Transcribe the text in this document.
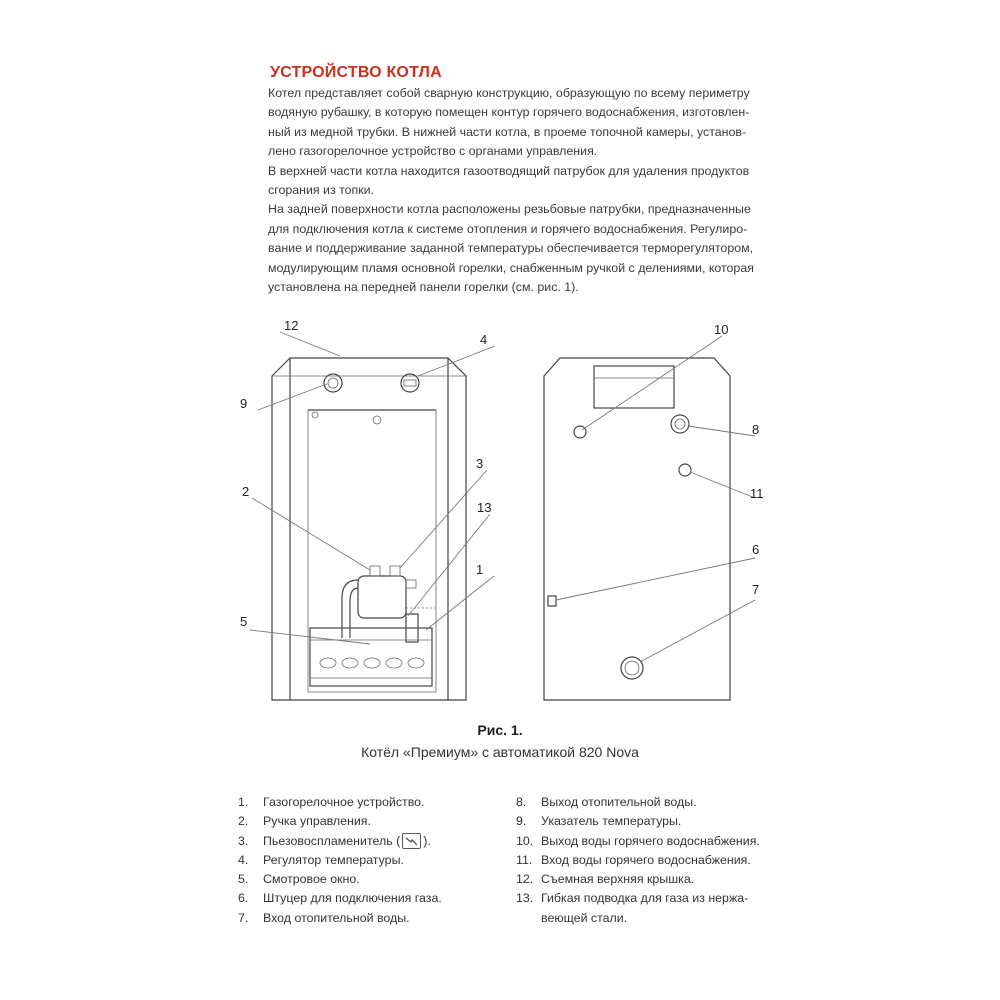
УСТРОЙСТВО КОТЛА

Котел представляет собой сварную конструкцию, образующую по всему периметру
водяную рубашку, в которую помещен контур горячего водоснабжения, изготовлен-
ный из медной трубки. В нижней части котла, в проеме топочной камеры, установ-
лено газогорелочное устройство с органами управления.

В верхней части котла находится газоотводящий патрубок для удаления продуктов
сгорания из топки.

На задней поверхности котла расположены резьбовые патрубки, предназначенные
для подключения котла к системе отопления и горячего водоснабжения. Регулиро-
вание и поддерживание заданной температуры обеспечивается терморегулятором,
модулирующим пламя основной горелки, снабженным ручкой с делениями, которая
установлена на передней панели горелки (см. рис. 1).

12
4
9
3
2
13
1
5
10
8
11
6
7
Рис. 1.
Котёл «Премиум» с автоматикой 820 Nova
1.	Газогорелочное устройство.
2.	Ручка управления.
3.	Пьезовоспламенитель ( ).
4.	Регулятор температуры.
5.	Смотровое окно.
6.	Штуцер для подключения газа.
7.	Вход отопительной воды.
8.	Выход отопительной воды.
9.	Указатель температуры.
10. Выход воды горячего водоснабжения.
11. Вход воды горячего водоснабжения.
12. Съемная верхняя крышка.
13. Гибкая подводка для газа из нержа-
веющей стали.
